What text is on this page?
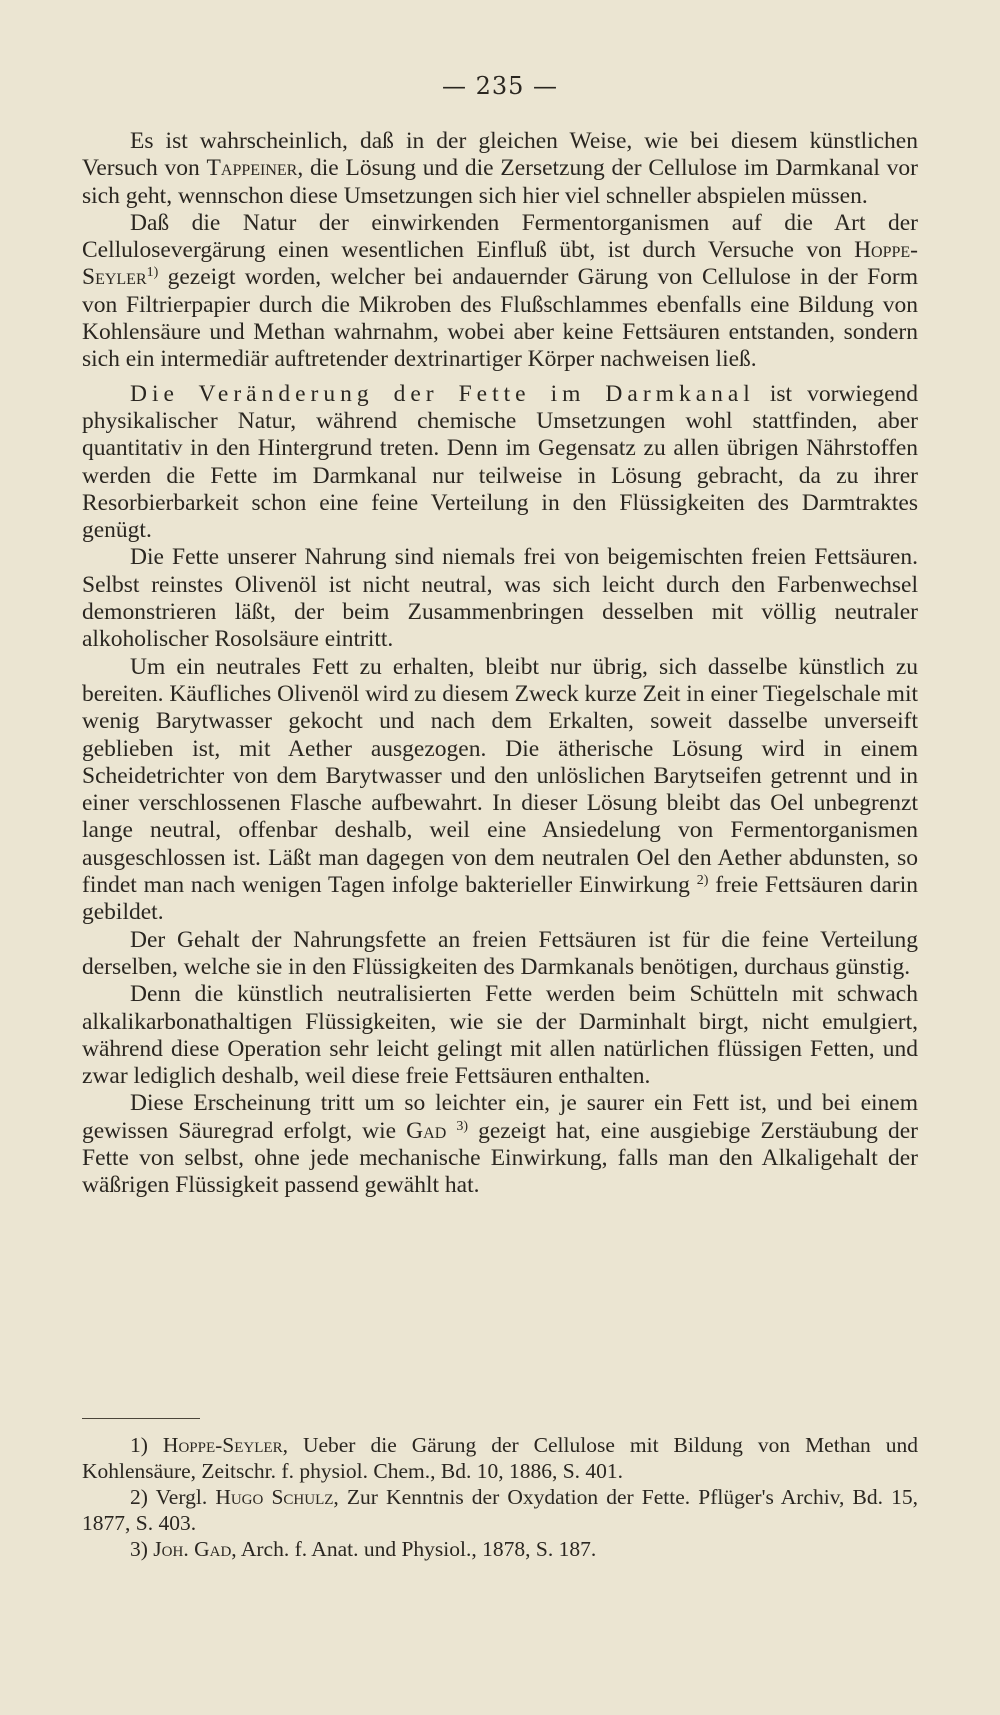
— 235 —

Es ist wahrscheinlich, daß in der gleichen Weise, wie bei diesem künstlichen Versuch von Tappeiner, die Lösung und die Zersetzung der Cellulose im Darmkanal vor sich geht, wennschon diese Umsetzungen sich hier viel schneller abspielen müssen.

Daß die Natur der einwirkenden Fermentorganismen auf die Art der Cellulosevergärung einen wesentlichen Einfluß übt, ist durch Versuche von Hoppe-Seyler$^{1)}$ gezeigt worden, welcher bei andauernder Gärung von Cellulose in der Form von Filtrierpapier durch die Mikroben des Flußschlammes ebenfalls eine Bildung von Kohlensäure und Methan wahrnahm, wobei aber keine Fettsäuren entstanden, sondern sich ein intermediär auftretender dextrinartiger Körper nachweisen ließ.

Die Veränderung der Fette im Darmkanal ist vorwiegend physikalischer Natur, während chemische Umsetzungen wohl stattfinden, aber quantitativ in den Hintergrund treten. Denn im Gegensatz zu allen übrigen Nährstoffen werden die Fette im Darmkanal nur teilweise in Lösung gebracht, da zu ihrer Resorbierbarkeit schon eine feine Verteilung in den Flüssigkeiten des Darmtraktes genügt.

Die Fette unserer Nahrung sind niemals frei von beigemischten freien Fettsäuren. Selbst reinstes Olivenöl ist nicht neutral, was sich leicht durch den Farbenwechsel demonstrieren läßt, der beim Zusammenbringen desselben mit völlig neutraler alkoholischer Rosolsäure eintritt.

Um ein neutrales Fett zu erhalten, bleibt nur übrig, sich dasselbe künstlich zu bereiten. Käufliches Olivenöl wird zu diesem Zweck kurze Zeit in einer Tiegelschale mit wenig Barytwasser gekocht und nach dem Erkalten, soweit dasselbe unverseift geblieben ist, mit Aether ausgezogen. Die ätherische Lösung wird in einem Scheidetrichter von dem Barytwasser und den unlöslichen Barytseifen getrennt und in einer verschlossenen Flasche aufbewahrt. In dieser Lösung bleibt das Oel unbegrenzt lange neutral, offenbar deshalb, weil eine Ansiedelung von Fermentorganismen ausgeschlossen ist. Läßt man dagegen von dem neutralen Oel den Aether abdunsten, so findet man nach wenigen Tagen infolge bakterieller Einwirkung $^{2)}$ freie Fettsäuren darin gebildet.

Der Gehalt der Nahrungsfette an freien Fettsäuren ist für die feine Verteilung derselben, welche sie in den Flüssigkeiten des Darmkanals benötigen, durchaus günstig.

Denn die künstlich neutralisierten Fette werden beim Schütteln mit schwach alkalikarbonathaltigen Flüssigkeiten, wie sie der Darminhalt birgt, nicht emulgiert, während diese Operation sehr leicht gelingt mit allen natürlichen flüssigen Fetten, und zwar lediglich deshalb, weil diese freie Fettsäuren enthalten.

Diese Erscheinung tritt um so leichter ein, je saurer ein Fett ist, und bei einem gewissen Säuregrad erfolgt, wie Gad $^{3)}$ gezeigt hat, eine ausgiebige Zerstäubung der Fette von selbst, ohne jede mechanische Einwirkung, falls man den Alkaligehalt der wäßrigen Flüssigkeit passend gewählt hat.

1) Hoppe-Seyler, Ueber die Gärung der Cellulose mit Bildung von Methan und Kohlensäure, Zeitschr. f. physiol. Chem., Bd. 10, 1886, S. 401.

2) Vergl. Hugo Schulz, Zur Kenntnis der Oxydation der Fette. Pflüger's Archiv, Bd. 15, 1877, S. 403.

3) Joh. Gad, Arch. f. Anat. und Physiol., 1878, S. 187.
